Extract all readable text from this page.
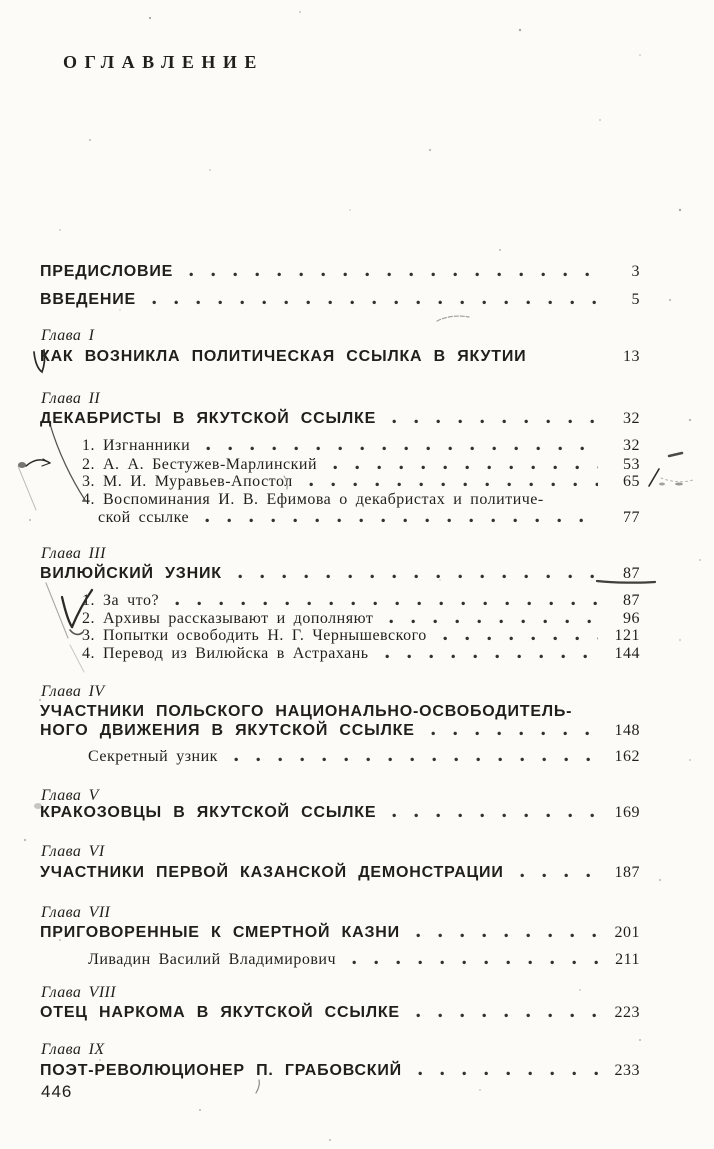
ОГЛАВЛЕНИЕ
ПРЕДИСЛОВИЕ	3
ВВЕДЕНИЕ	5
Глава I
КАК ВОЗНИКЛА ПОЛИТИЧЕСКАЯ ССЫЛКА В ЯКУТИИ	13
Глава II
ДЕКАБРИСТЫ В ЯКУТСКОЙ ССЫЛКЕ	32
1. Изгнанники	32
2. А. А. Бестужев-Марлинский	53
3. М. И. Муравьев-Апостол	65
4. Воспоминания И. В. Ефимова о декабристах и политиче-
ской ссылке	77
Глава III
ВИЛЮЙСКИЙ УЗНИК	87
1. За что?	87
2. Архивы рассказывают и дополняют	96
3. Попытки освободить Н. Г. Чернышевского	121
4. Перевод из Вилюйска в Астрахань	144
Глава IV
УЧАСТНИКИ ПОЛЬСКОГО НАЦИОНАЛЬНО-ОСВОБОДИТЕЛЬ-
НОГО ДВИЖЕНИЯ В ЯКУТСКОЙ ССЫЛКЕ	148
Секретный узник	162
Глава V
КРАКОЗОВЦЫ В ЯКУТСКОЙ ССЫЛКЕ	169
Глава VI
УЧАСТНИКИ ПЕРВОЙ КАЗАНСКОЙ ДЕМОНСТРАЦИИ	187
Глава VII
ПРИГОВОРЕННЫЕ К СМЕРТНОЙ КАЗНИ	201
Ливадин Василий Владимирович	211
Глава VIII
ОТЕЦ НАРКОМА В ЯКУТСКОЙ ССЫЛКЕ	223
Глава IX
ПОЭТ-РЕВОЛЮЦИОНЕР П. ГРАБОВСКИЙ	233
446
